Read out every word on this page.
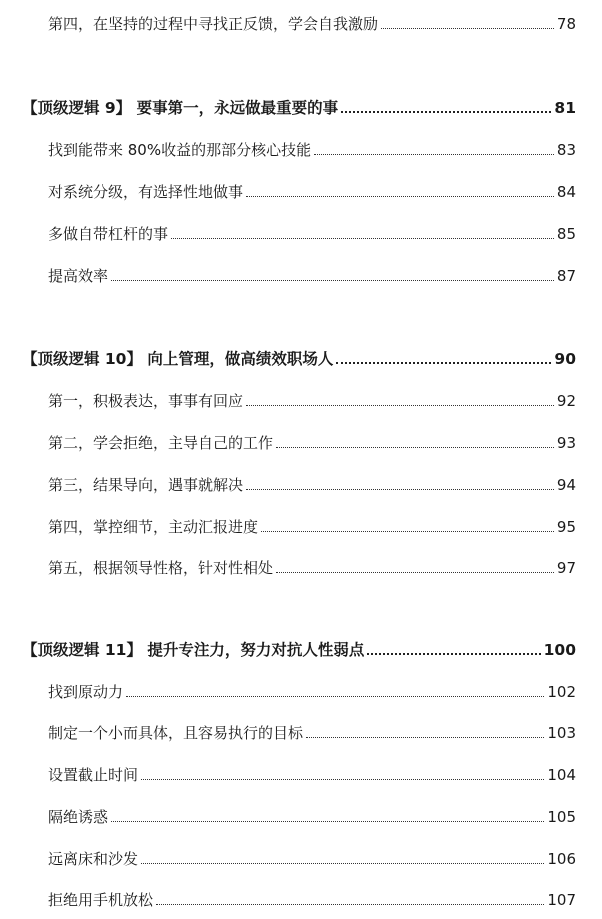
第四，在坚持的过程中寻找正反馈，学会自我激励	78
【顶级逻辑 9】 要事第一，永远做最重要的事	81
找到能带来 80%收益的那部分核心技能	83
对系统分级，有选择性地做事	84
多做自带杠杆的事	85
提高效率	87
【顶级逻辑 10】 向上管理，做高绩效职场人	90
第一，积极表达，事事有回应	92
第二，学会拒绝，主导自己的工作	93
第三，结果导向，遇事就解决	94
第四，掌控细节，主动汇报进度	95
第五，根据领导性格，针对性相处	97
【顶级逻辑 11】 提升专注力，努力对抗人性弱点	100
找到原动力	102
制定一个小而具体，且容易执行的目标	103
设置截止时间	104
隔绝诱惑	105
远离床和沙发	106
拒绝用手机放松	107
